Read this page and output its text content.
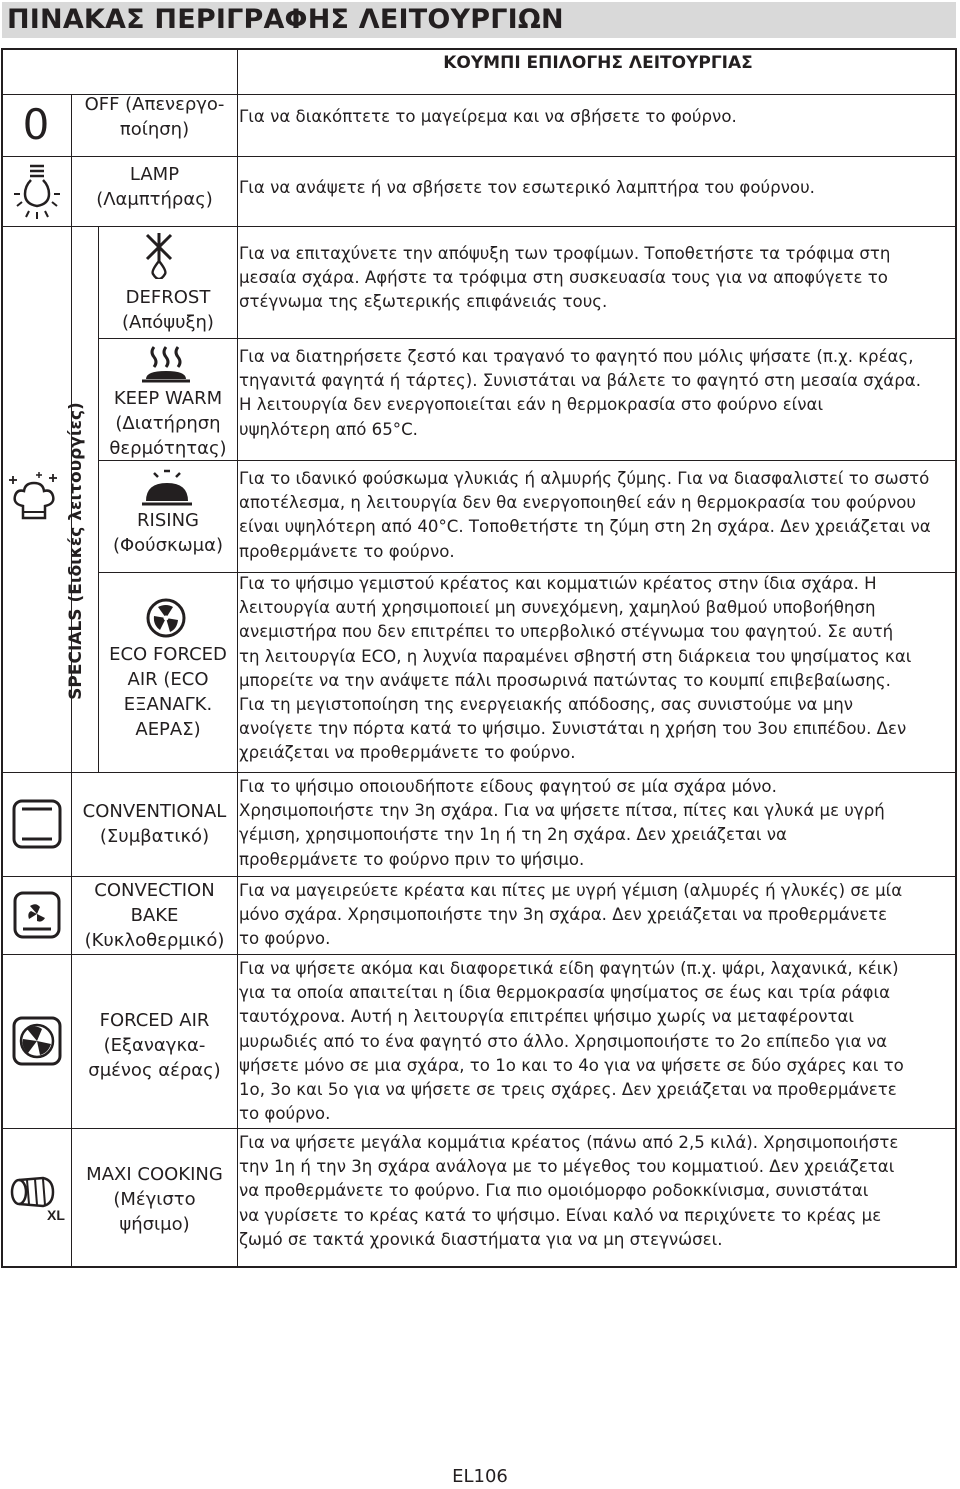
ΠΙΝΑΚΑΣ ΠΕΡΙΓΡΑΦΗΣ ΛΕΙΤΟΥΡΓΙΩΝ
ΚΟΥΜΠΙ ΕΠΙΛΟΓΗΣ ΛΕΙΤΟΥΡΓΙΑΣ
0	OFF (Απενεργο-
ποίηση)
Για να διακόπτετε το μαγείρεμα και να σβήσετε το φούρνο.
LAMP
(Λαμπτήρας)
Για να ανάψετε ή να σβήσετε τον εσωτερικό λαμπτήρα του φούρνου.
SPECIALS (Ειδικές λειτουργίες)
DEFROST
(Απόψυξη)
Για να επιταχύνετε την απόψυξη των τροφίμων. Τοποθετήστε τα τρόφιμα στη
μεσαία σχάρα. Αφήστε τα τρόφιμα στη συσκευασία τους για να αποφύγετε το
στέγνωμα της εξωτερικής επιφάνειάς τους.
KEEP WARM
(Διατήρηση
θερμότητας)
Για να διατηρήσετε ζεστό και τραγανό το φαγητό που μόλις ψήσατε (π.χ. κρέας,
τηγανιτά φαγητά ή τάρτες). Συνιστάται να βάλετε το φαγητό στη μεσαία σχάρα.
Η λειτουργία δεν ενεργοποιείται εάν η θερμοκρασία στο φούρνο είναι
υψηλότερη από 65°C.
RISING
(Φούσκωμα)
Για το ιδανικό φούσκωμα γλυκιάς ή αλμυρής ζύμης. Για να διασφαλιστεί το σωστό
αποτέλεσμα, η λειτουργία δεν θα ενεργοποιηθεί εάν η θερμοκρασία του φούρνου
είναι υψηλότερη από 40°C. Τοποθετήστε τη ζύμη στη 2η σχάρα. Δεν χρειάζεται να
προθερμάνετε το φούρνο.
ECO FORCED
AIR (ECO
ΕΞΑΝΑΓΚ.
ΑΕΡΑΣ)
Για το ψήσιμο γεμιστού κρέατος και κομματιών κρέατος στην ίδια σχάρα. Η
λειτουργία αυτή χρησιμοποιεί μη συνεχόμενη, χαμηλού βαθμού υποβοήθηση
ανεμιστήρα που δεν επιτρέπει το υπερβολικό στέγνωμα του φαγητού. Σε αυτή
τη λειτουργία ECO, η λυχνία παραμένει σβηστή στη διάρκεια του ψησίματος και
μπορείτε να την ανάψετε πάλι προσωρινά πατώντας το κουμπί επιβεβαίωσης.
Για τη μεγιστοποίηση της ενεργειακής απόδοσης, σας συνιστούμε να μην
ανοίγετε την πόρτα κατά το ψήσιμο. Συνιστάται η χρήση του 3ου επιπέδου. Δεν
χρειάζεται να προθερμάνετε το φούρνο.
CONVENTIONAL
(Συμβατικό)
Για το ψήσιμο οποιουδήποτε είδους φαγητού σε μία σχάρα μόνο.
Χρησιμοποιήστε την 3η σχάρα. Για να ψήσετε πίτσα, πίτες και γλυκά με υγρή
γέμιση, χρησιμοποιήστε την 1η ή τη 2η σχάρα. Δεν χρειάζεται να
προθερμάνετε το φούρνο πριν το ψήσιμο.
CONVECTION
BAKE
(Κυκλοθερμικό)
Για να μαγειρεύετε κρέατα και πίτες με υγρή γέμιση (αλμυρές ή γλυκές) σε μία
μόνο σχάρα. Χρησιμοποιήστε την 3η σχάρα. Δεν χρειάζεται να προθερμάνετε
το φούρνο.
FORCED AIR
(Εξαναγκα-
σμένος αέρας)
Για να ψήσετε ακόμα και διαφορετικά είδη φαγητών (π.χ. ψάρι, λαχανικά, κέικ)
για τα οποία απαιτείται η ίδια θερμοκρασία ψησίματος σε έως και τρία ράφια
ταυτόχρονα. Αυτή η λειτουργία επιτρέπει ψήσιμο χωρίς να μεταφέρονται
μυρωδιές από το ένα φαγητό στο άλλο. Χρησιμοποιήστε το 2ο επίπεδο για να
ψήσετε μόνο σε μια σχάρα, το 1ο και το 4ο για να ψήσετε σε δύο σχάρες και το
1ο, 3ο και 5ο για να ψήσετε σε τρεις σχάρες. Δεν χρειάζεται να προθερμάνετε
το φούρνο.
XL
MAXI COOKING
(Μέγιστο
ψήσιμο)
Για να ψήσετε μεγάλα κομμάτια κρέατος (πάνω από 2,5 κιλά). Χρησιμοποιήστε
την 1η ή την 3η σχάρα ανάλογα με το μέγεθος του κομματιού. Δεν χρειάζεται
να προθερμάνετε το φούρνο. Για πιο ομοιόμορφο ροδοκκίνισμα, συνιστάται
να γυρίσετε το κρέας κατά το ψήσιμο. Είναι καλό να περιχύνετε το κρέας με
ζωμό σε τακτά χρονικά διαστήματα για να μη στεγνώσει.
EL106
